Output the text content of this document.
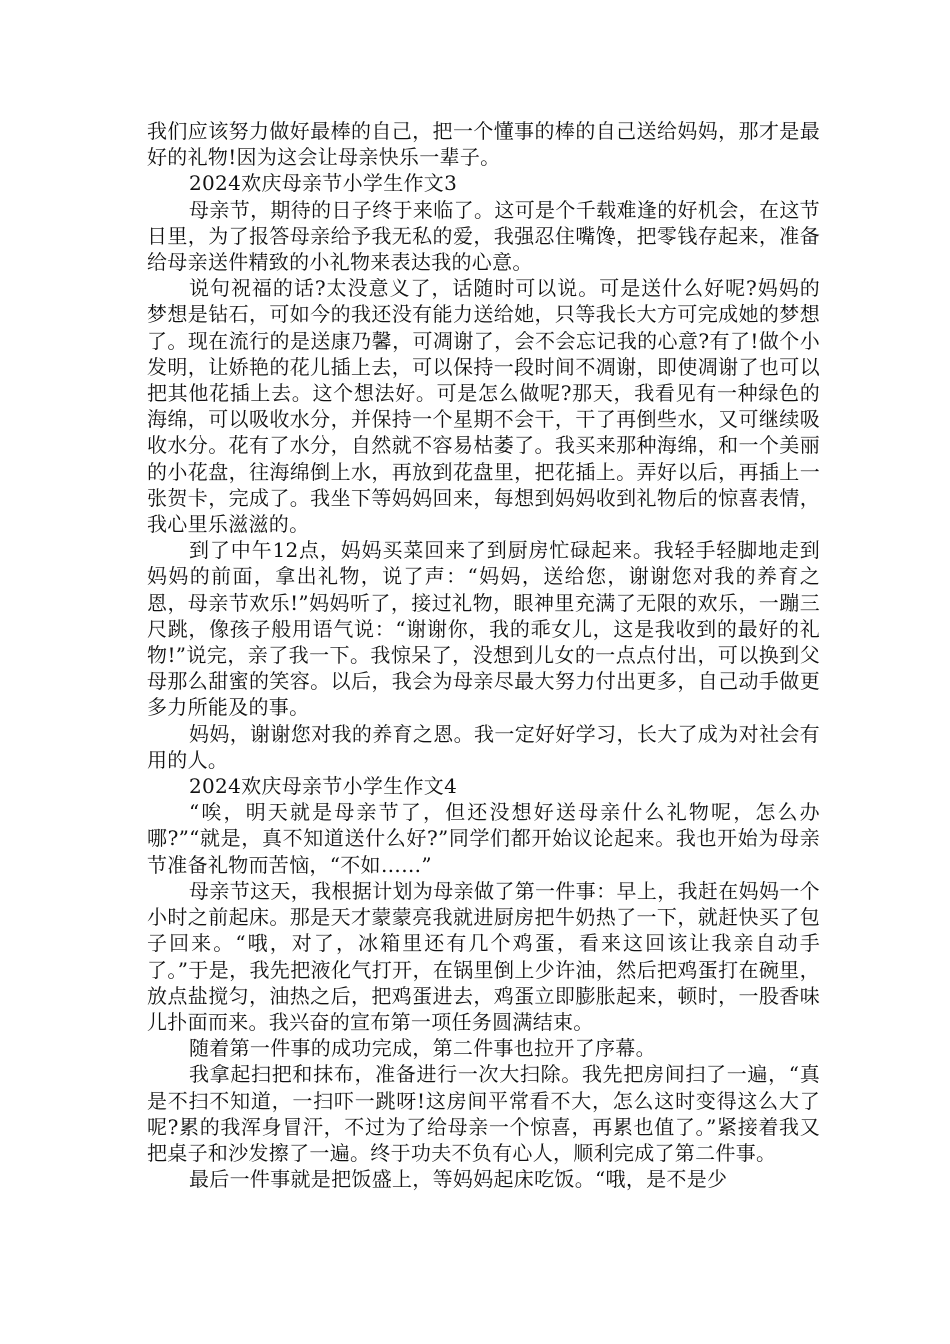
我们应该努力做好最棒的自己，把一个懂事的棒的自己送给妈妈，那才是最好的礼物!因为这会让母亲快乐一辈子。

2024欢庆母亲节小学生作文3

母亲节，期待的日子终于来临了。这可是个千载难逢的好机会，在这节日里，为了报答母亲给予我无私的爱，我强忍住嘴馋，把零钱存起来，准备给母亲送件精致的小礼物来表达我的心意。

说句祝福的话?太没意义了，话随时可以说。可是送什么好呢?妈妈的梦想是钻石，可如今的我还没有能力送给她，只等我长大方可完成她的梦想了。现在流行的是送康乃馨，可凋谢了，会不会忘记我的心意?有了!做个小发明，让娇艳的花儿插上去，可以保持一段时间不凋谢，即使凋谢了也可以把其他花插上去。这个想法好。可是怎么做呢?那天，我看见有一种绿色的海绵，可以吸收水分，并保持一个星期不会干，干了再倒些水，又可继续吸收水分。花有了水分，自然就不容易枯萎了。我买来那种海绵，和一个美丽的小花盘，往海绵倒上水，再放到花盘里，把花插上。弄好以后，再插上一张贺卡，完成了。我坐下等妈妈回来，每想到妈妈收到礼物后的惊喜表情，我心里乐滋滋的。

到了中午12点，妈妈买菜回来了到厨房忙碌起来。我轻手轻脚地走到妈妈的前面，拿出礼物，说了声：“妈妈，送给您，谢谢您对我的养育之恩，母亲节欢乐!”妈妈听了，接过礼物，眼神里充满了无限的欢乐，一蹦三尺跳，像孩子般用语气说：“谢谢你，我的乖女儿，这是我收到的最好的礼物!”说完，亲了我一下。我惊呆了，没想到儿女的一点点付出，可以换到父母那么甜蜜的笑容。以后，我会为母亲尽最大努力付出更多，自己动手做更多力所能及的事。

妈妈，谢谢您对我的养育之恩。我一定好好学习，长大了成为对社会有用的人。

2024欢庆母亲节小学生作文4

“唉，明天就是母亲节了，但还没想好送母亲什么礼物呢，怎么办哪?”“就是，真不知道送什么好?”同学们都开始议论起来。我也开始为母亲节准备礼物而苦恼，“不如……”

母亲节这天，我根据计划为母亲做了第一件事：早上，我赶在妈妈一个小时之前起床。那是天才蒙蒙亮我就进厨房把牛奶热了一下，就赶快买了包子回来。“哦，对了，冰箱里还有几个鸡蛋，看来这回该让我亲自动手了。”于是，我先把液化气打开，在锅里倒上少许油，然后把鸡蛋打在碗里，放点盐搅匀，油热之后，把鸡蛋进去，鸡蛋立即膨胀起来，顿时，一股香味儿扑面而来。我兴奋的宣布第一项任务圆满结束。

随着第一件事的成功完成，第二件事也拉开了序幕。

我拿起扫把和抹布，准备进行一次大扫除。我先把房间扫了一遍，“真是不扫不知道，一扫吓一跳呀!这房间平常看不大，怎么这时变得这么大了呢?累的我浑身冒汗，不过为了给母亲一个惊喜，再累也值了。”紧接着我又把桌子和沙发擦了一遍。终于功夫不负有心人，顺利完成了第二件事。

最后一件事就是把饭盛上，等妈妈起床吃饭。“哦，是不是少
